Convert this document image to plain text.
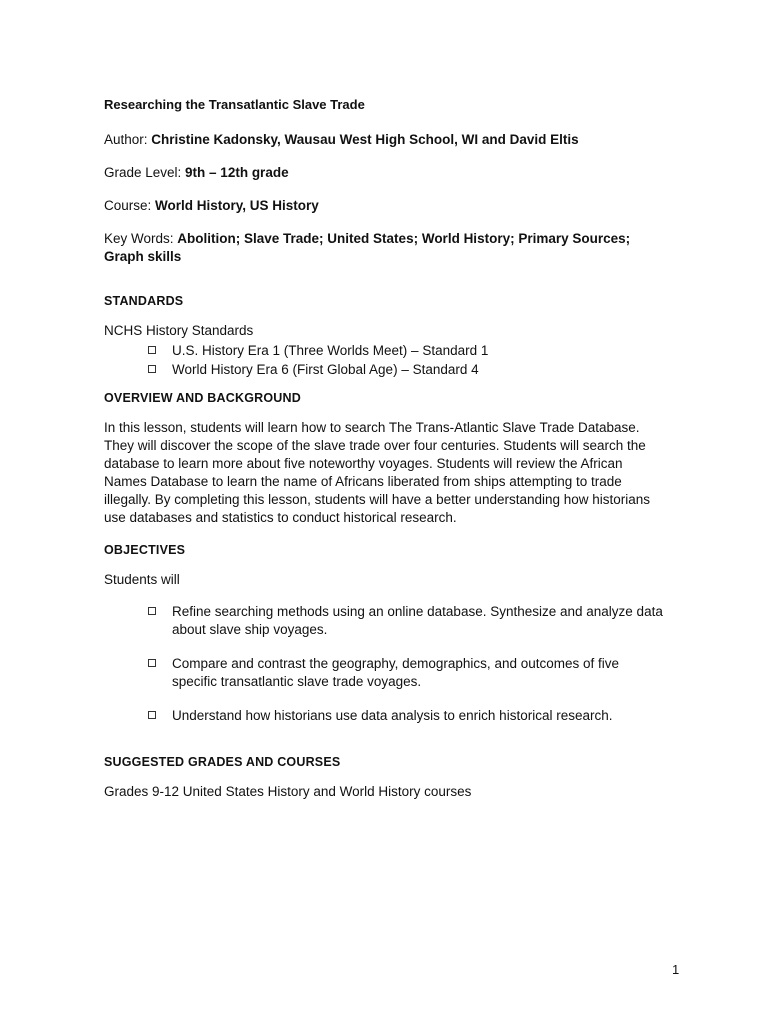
Researching the Transatlantic Slave Trade

Author: Christine Kadonsky, Wausau West High School, WI and David Eltis

Grade Level: 9th – 12th grade

Course: World History, US History

Key Words: Abolition; Slave Trade; United States; World History; Primary Sources; Graph skills

STANDARDS

NCHS History Standards

U.S. History Era 1 (Three Worlds Meet) – Standard 1
World History Era 6 (First Global Age) – Standard 4

OVERVIEW AND BACKGROUND

In this lesson, students will learn how to search The Trans-Atlantic Slave Trade Database. They will discover the scope of the slave trade over four centuries. Students will search the database to learn more about five noteworthy voyages. Students will review the African Names Database to learn the name of Africans liberated from ships attempting to trade illegally. By completing this lesson, students will have a better understanding how historians use databases and statistics to conduct historical research.

OBJECTIVES

Students will

Refine searching methods using an online database. Synthesize and analyze data about slave ship voyages.
Compare and contrast the geography, demographics, and outcomes of five specific transatlantic slave trade voyages.
Understand how historians use data analysis to enrich historical research.

SUGGESTED GRADES AND COURSES

Grades 9-12 United States History and World History courses

1
